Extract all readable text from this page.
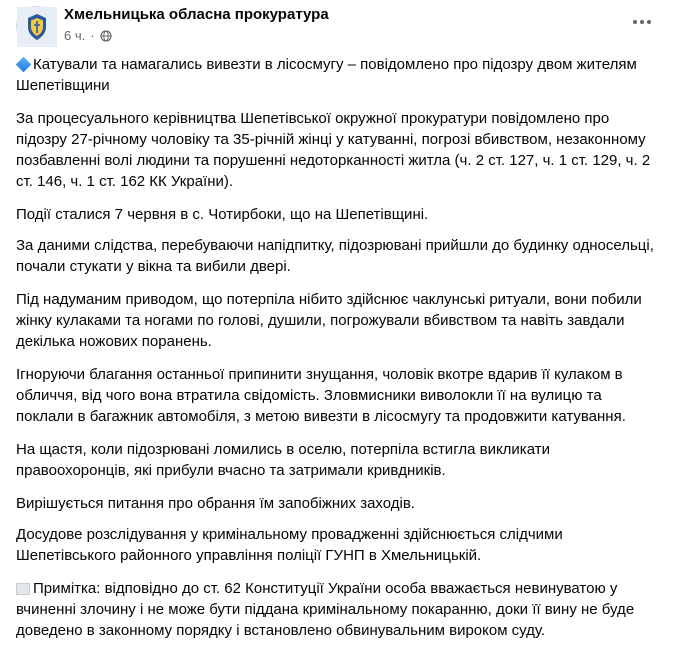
Хмельницька обласна прокуратура
6 ч. ·

Катували та намагались вивезти в лісосмугу – повідомлено про підозру двом жителям Шепетівщини

За процесуального керівництва Шепетівської окружної прокуратури повідомлено про підозру 27-річному чоловіку та 35-річній жінці у катуванні, погрозі вбивством, незаконному позбавленні волі людини та порушенні недоторканності житла (ч. 2 ст. 127, ч. 1 ст. 129, ч. 2 ст. 146, ч. 1 ст. 162 КК України).

Події сталися 7 червня в с. Чотирбоки, що на Шепетівщині.

За даними слідства, перебуваючи напідпитку, підозрювані прийшли до будинку односельці, почали стукати у вікна та вибили двері.

Під надуманим приводом, що потерпіла нібито здійснює чаклунські ритуали, вони побили жінку кулаками та ногами по голові, душили, погрожували вбивством та навіть завдали декілька ножових поранень.

Ігноруючи благання останньої припинити знущання, чоловік вкотре вдарив її кулаком в обличчя, від чого вона втратила свідомість. Зловмисники виволокли її на вулицю та поклали в багажник автомобіля, з метою вивезти в лісосмугу та продовжити катування.

На щастя, коли підозрювані ломились в оселю, потерпіла встигла викликати правоохоронців, які прибули вчасно та затримали кривдників.

Вирішується питання про обрання їм запобіжних заходів.

Досудове розслідування у кримінальному провадженні здійснюється слідчими Шепетівського районного управління поліції ГУНП в Хмельницькій.

Примітка: відповідно до ст. 62 Конституції України особа вважається невинуватою у вчиненні злочину і не може бути піддана кримінальному покаранню, доки її вину не буде доведено в законному порядку і встановлено обвинувальним вироком суду.
